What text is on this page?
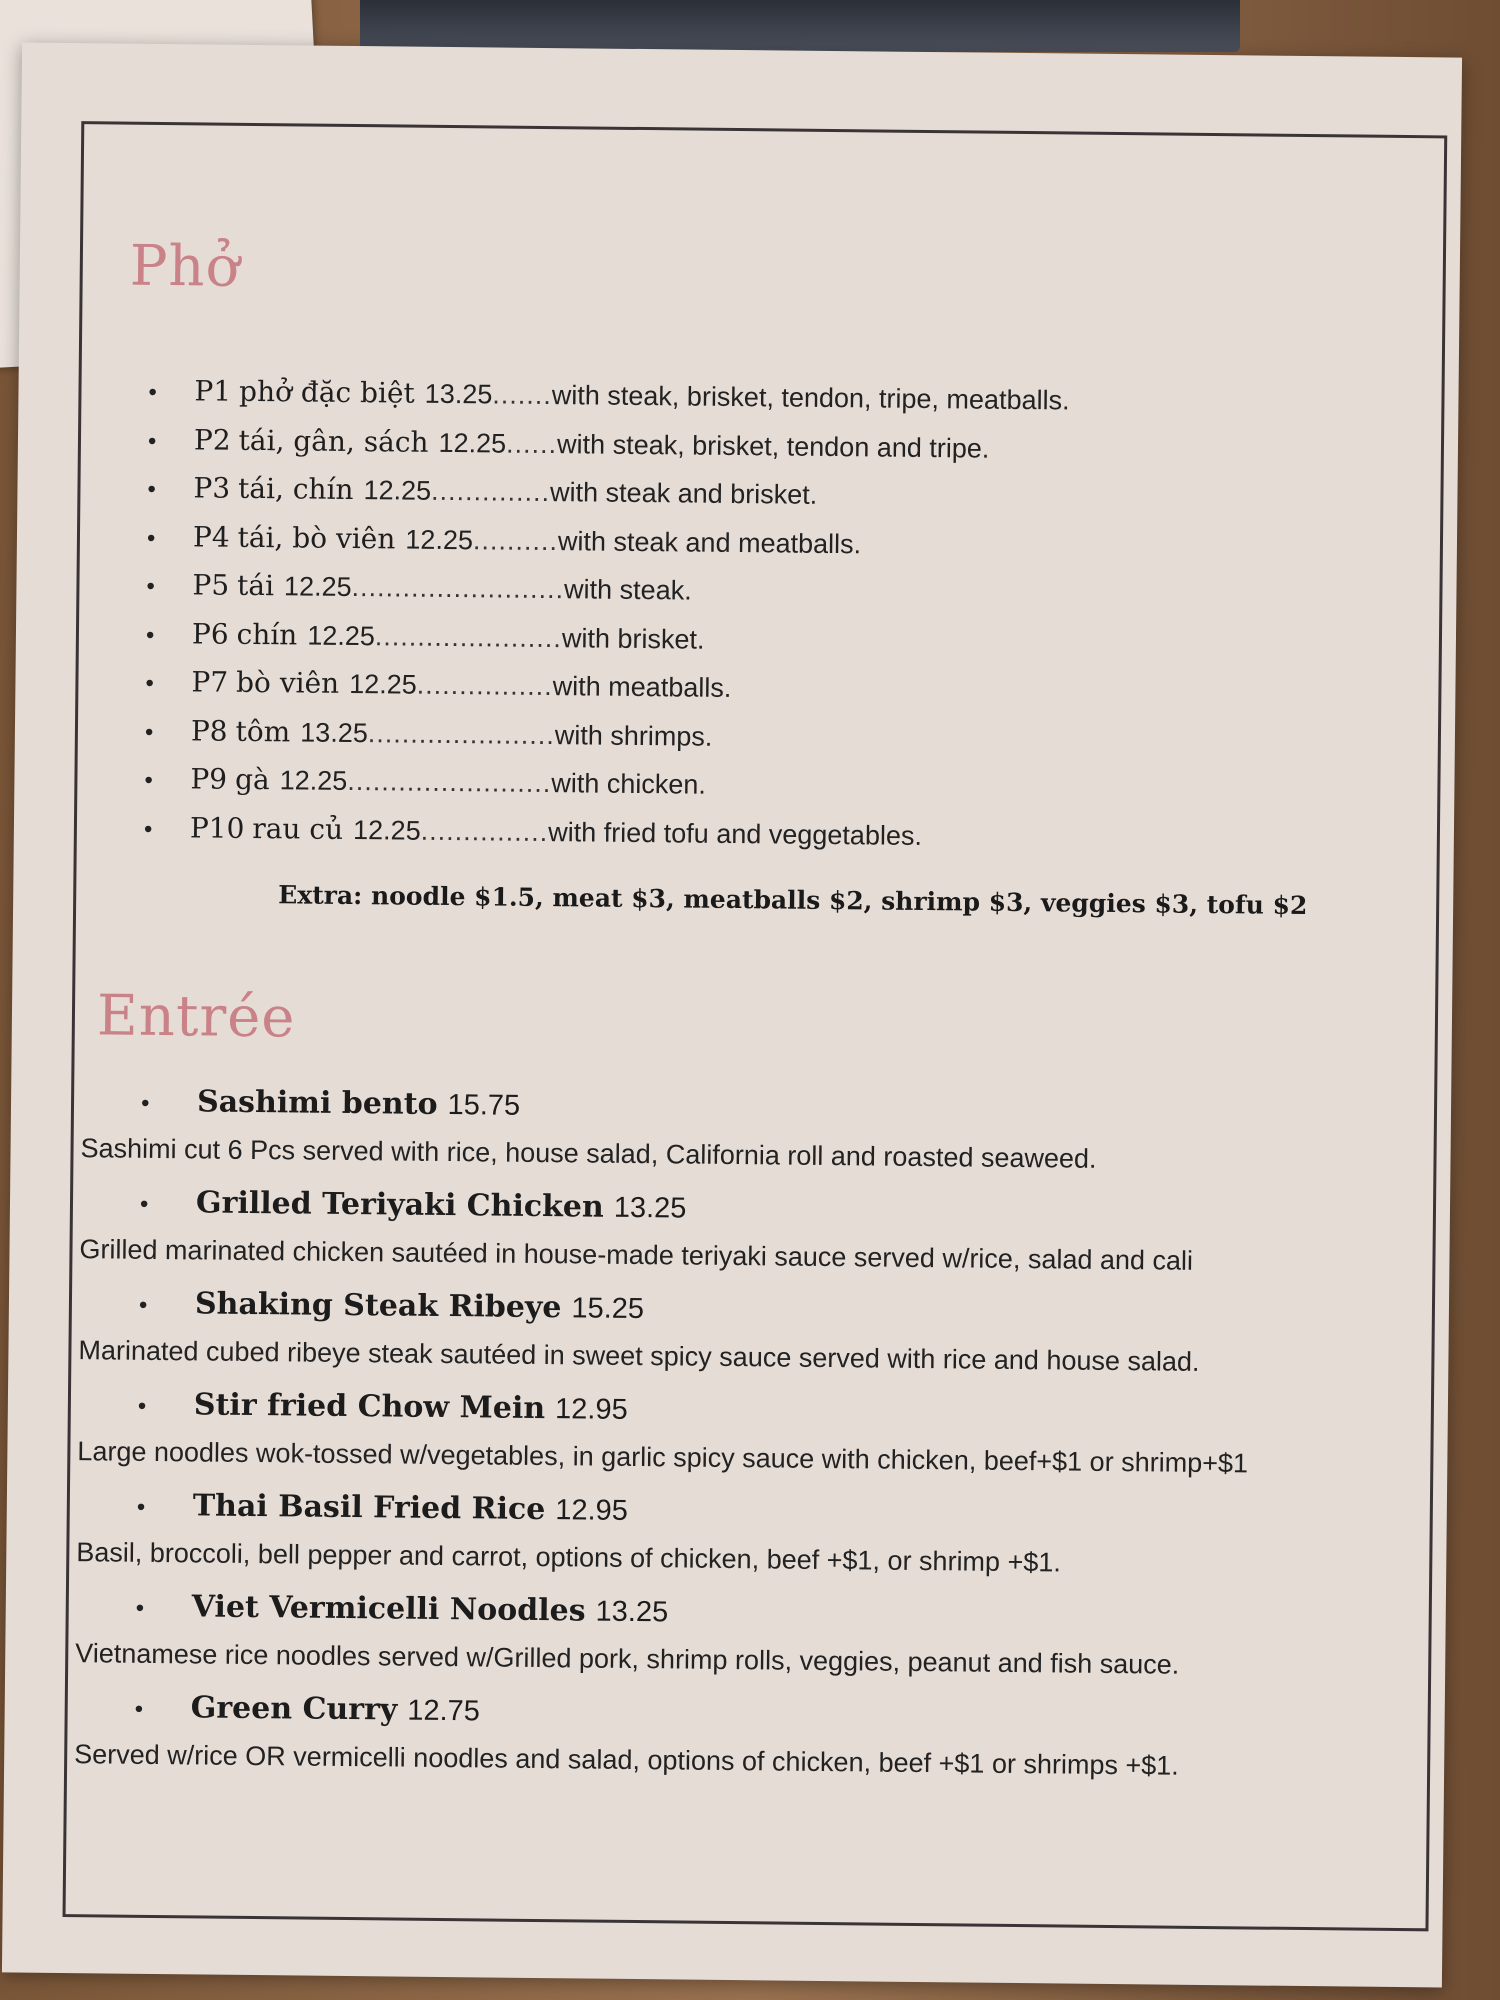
Phở
•	P1 phở đặc biệt 13.25 ....... with steak, brisket, tendon, tripe, meatballs.
•	P2 tái, gân, sách 12.25 ...... with steak, brisket, tendon and tripe.
•	P3 tái, chín 12.25 .............. with steak and brisket.
•	P4 tái, bò viên 12.25 .......... with steak and meatballs.
•	P5 tái 12.25 ......................... with steak.
•	P6 chín 12.25 ...................... with brisket.
•	P7 bò viên 12.25 ................ with meatballs.
•	P8 tôm 13.25 ...................... with shrimps.
•	P9 gà 12.25 ........................ with chicken.
•	P10 rau củ 12.25 ............... with fried tofu and veggetables.
Extra: noodle $1.5, meat $3, meatballs $2, shrimp $3, veggies $3, tofu $2
Entrée
•	Sashimi bento 15.75
Sashimi cut 6 Pcs served with rice, house salad, California roll and roasted seaweed.
•	Grilled Teriyaki Chicken 13.25
Grilled marinated chicken sautéed in house-made teriyaki sauce served w/rice, salad and cali
•	Shaking Steak Ribeye 15.25
Marinated cubed ribeye steak sautéed in sweet spicy sauce served with rice and house salad.
•	Stir fried Chow Mein 12.95
Large noodles wok-tossed w/vegetables, in garlic spicy sauce with chicken, beef+$1 or shrimp+$1
•	Thai Basil Fried Rice 12.95
Basil, broccoli, bell pepper and carrot, options of chicken, beef +$1, or shrimp +$1.
•	Viet Vermicelli Noodles 13.25
Vietnamese rice noodles served w/Grilled pork, shrimp rolls, veggies, peanut and fish sauce.
•	Green Curry 12.75
Served w/rice OR vermicelli noodles and salad, options of chicken, beef +$1 or shrimps +$1.
